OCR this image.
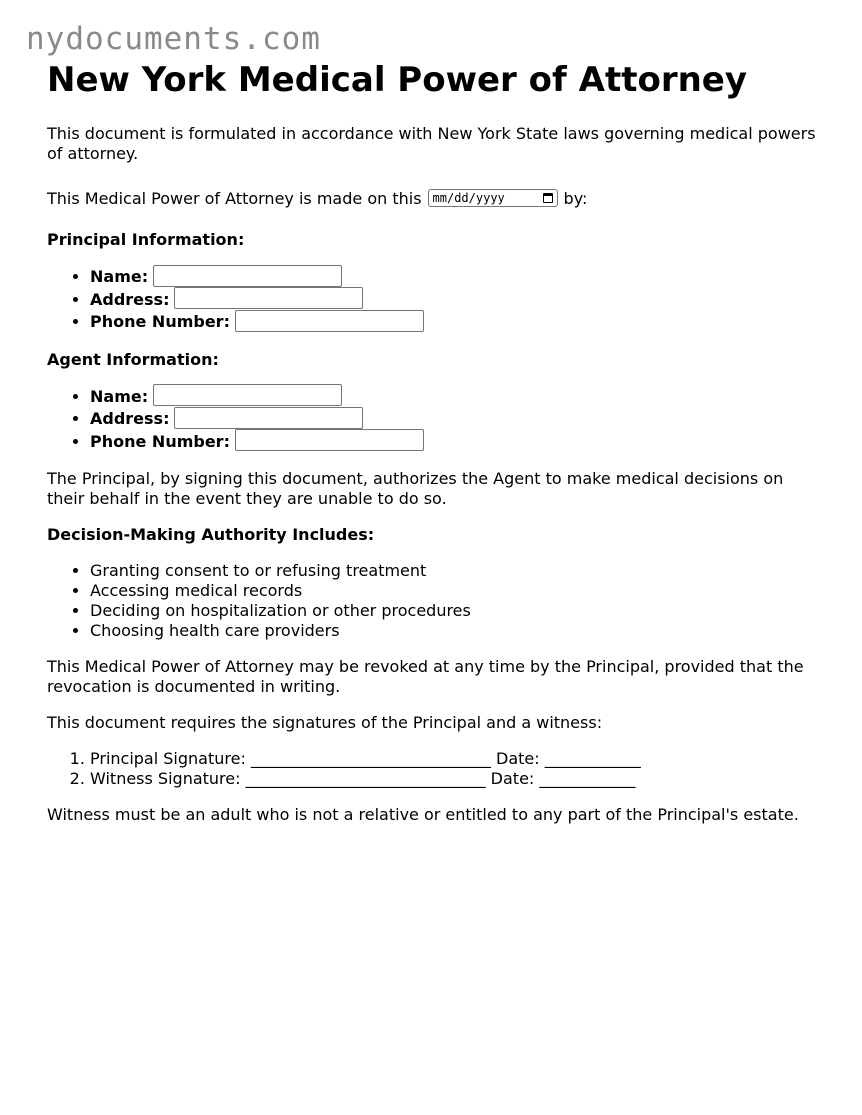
nydocuments.com
New York Medical Power of Attorney

This document is formulated in accordance with New York State laws governing medical powers of attorney.

This Medical Power of Attorney is made on this mm/dd/yyyy	by:

Principal Information:

• Name:
• Address:
• Phone Number:

Agent Information:

• Name:
• Address:
• Phone Number:

The Principal, by signing this document, authorizes the Agent to make medical decisions on their behalf in the event they are unable to do so.

Decision-Making Authority Includes:

• Granting consent to or refusing treatment
• Accessing medical records
• Deciding on hospitalization or other procedures
• Choosing health care providers

This Medical Power of Attorney may be revoked at any time by the Principal, provided that the revocation is documented in writing.

This document requires the signatures of the Principal and a witness:

1. Principal Signature: ______________________________ Date: ____________
2. Witness Signature: ______________________________ Date: ____________

Witness must be an adult who is not a relative or entitled to any part of the Principal's estate.
